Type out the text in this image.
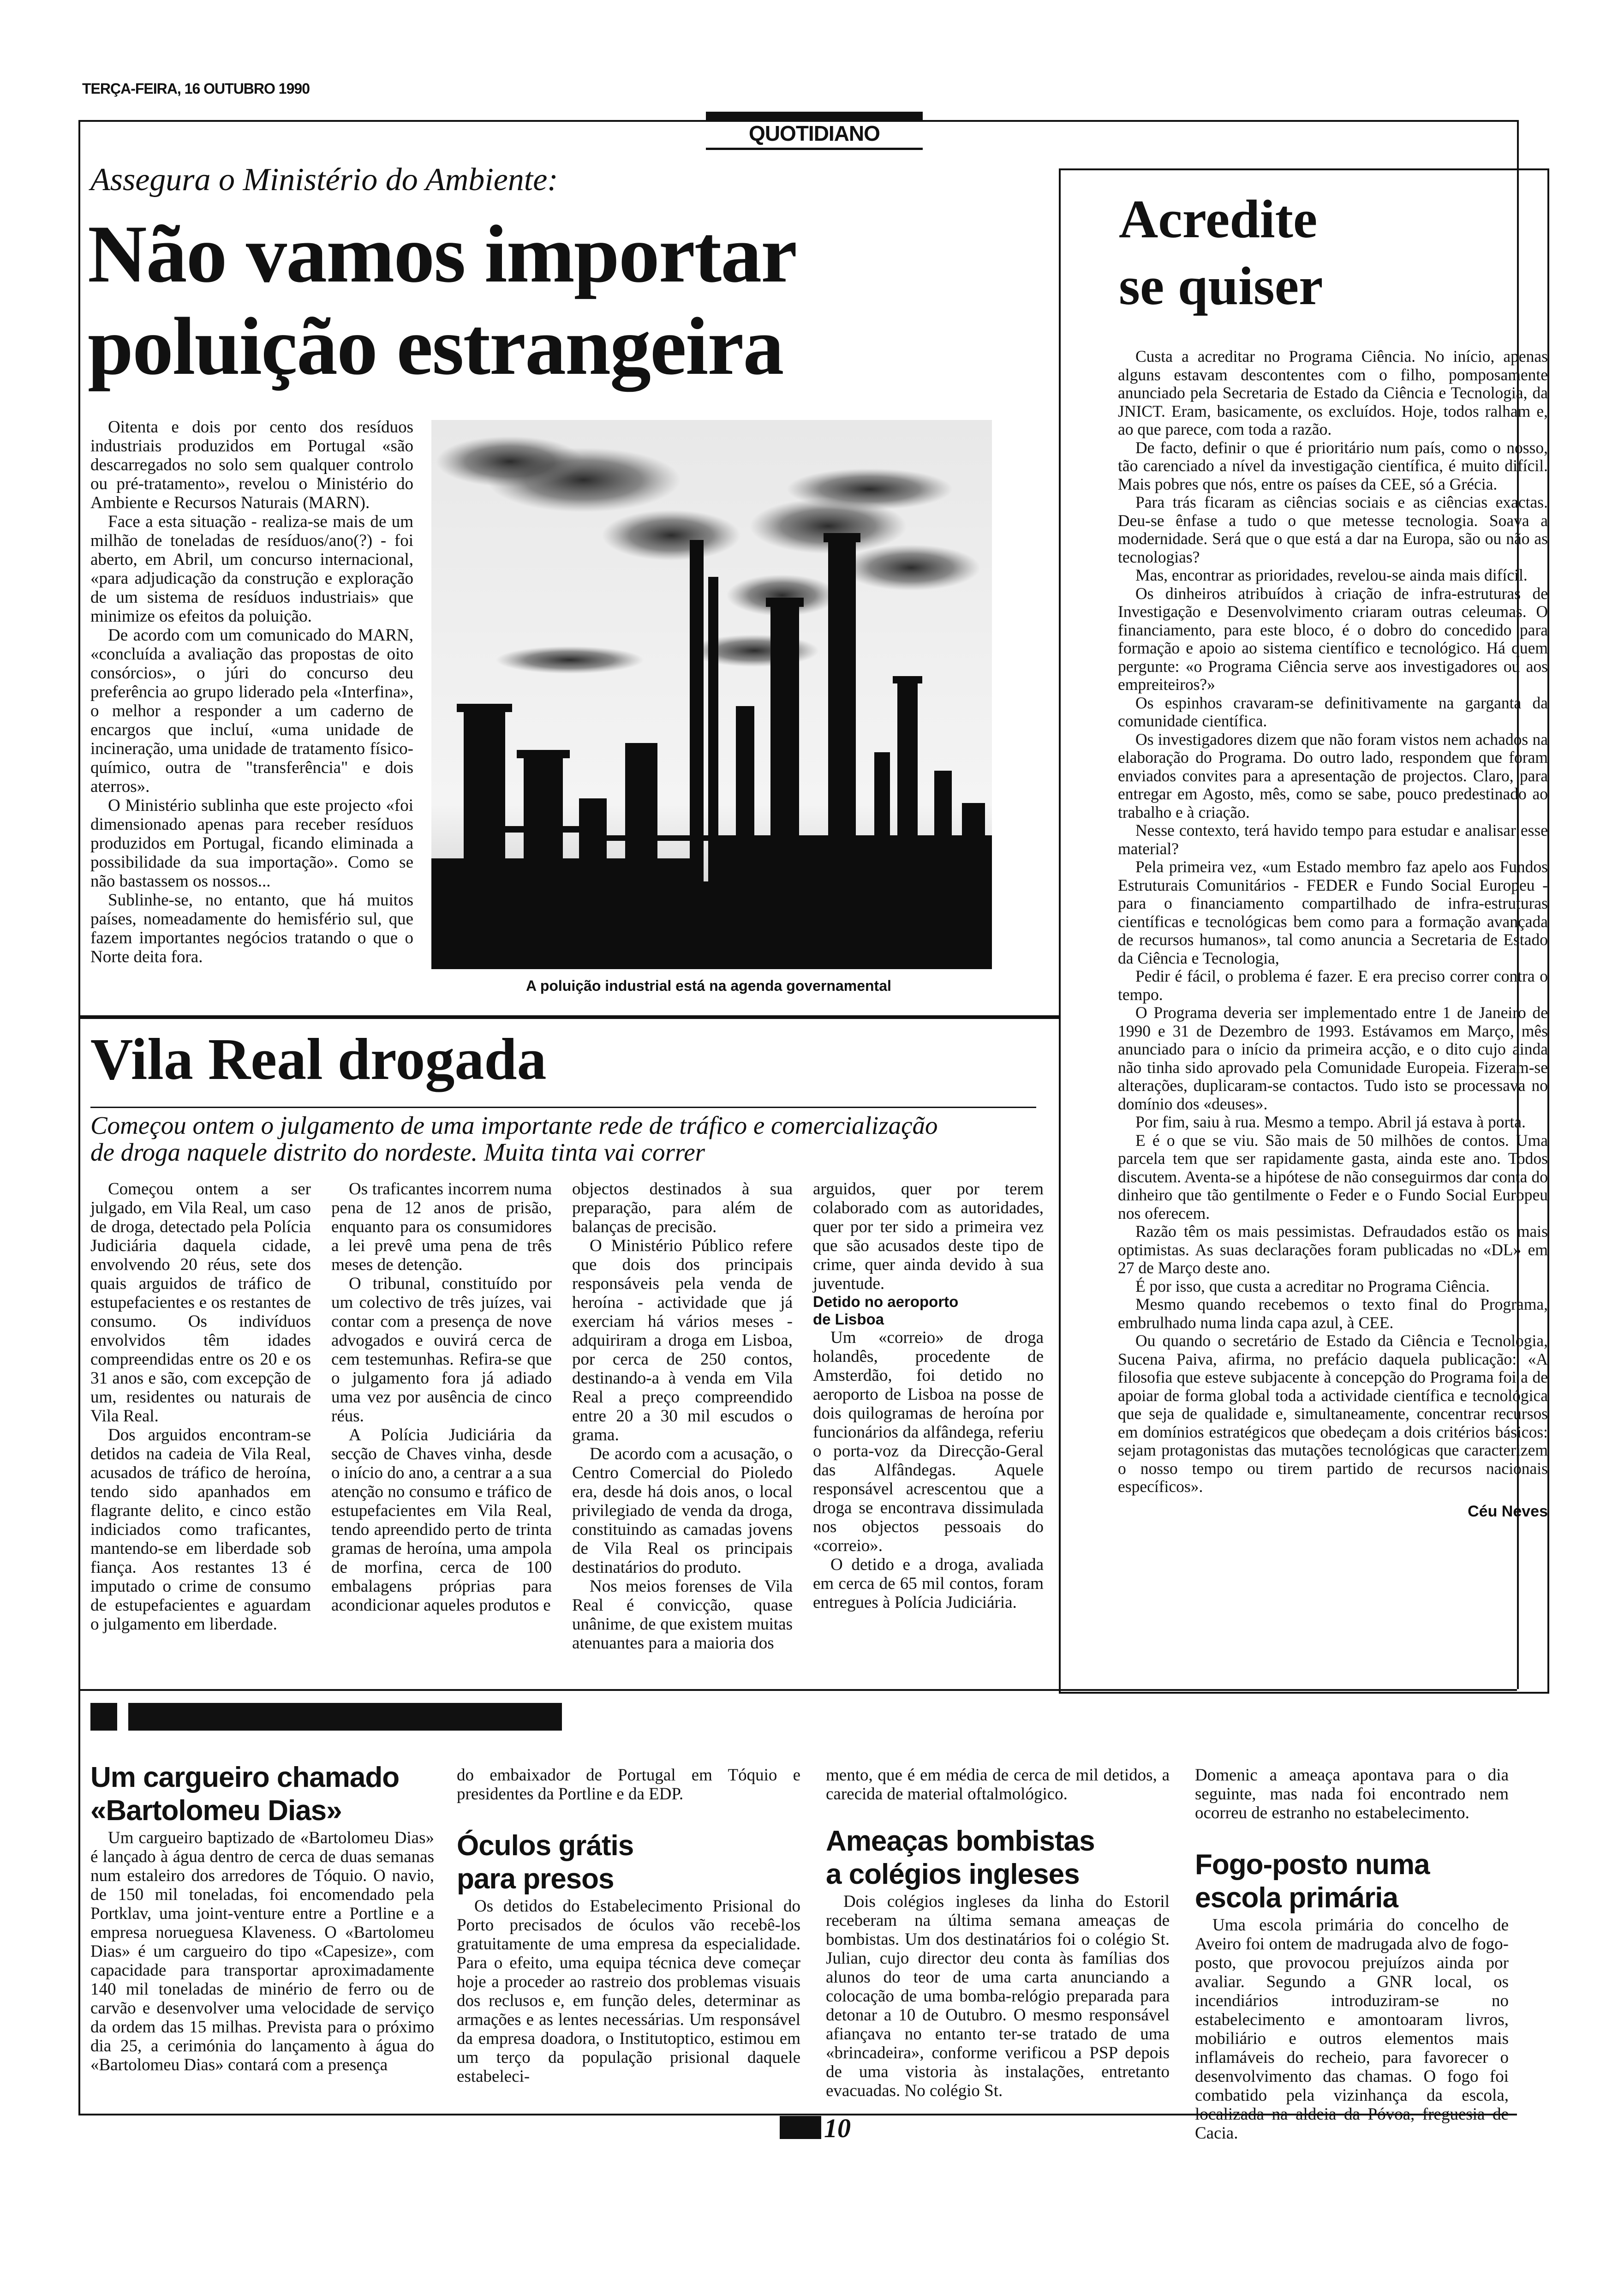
TERÇA-FEIRA, 16 OUTUBRO 1990
QUOTIDIANO
Assegura o Ministério do Ambiente:
Não vamos importar
poluição estrangeira

Oitenta e dois por cento dos resíduos industriais produzidos em Portugal «são descarregados no solo sem qualquer controlo ou pré-tratamento», revelou o Ministério do Ambiente e Recursos Naturais (MARN).

Face a esta situação - realiza-se mais de um milhão de toneladas de resíduos/ano(?) - foi aberto, em Abril, um concurso internacional, «para adjudicação da construção e exploração de um sistema de resíduos industriais» que minimize os efeitos da poluição.

De acordo com um comunicado do MARN, «concluída a avaliação das propostas de oito consórcios», o júri do concurso deu preferência ao grupo liderado pela «Interfina», o melhor a responder a um caderno de encargos que incluí, «uma unidade de incineração, uma unidade de tratamento físico-químico, outra de "transferência" e dois aterros».

O Ministério sublinha que este projecto «foi dimensionado apenas para receber resíduos produzidos em Portugal, ficando eliminada a possibilidade da sua importação». Como se não bastassem os nossos...

Sublinhe-se, no entanto, que há muitos países, nomeadamente do hemisfério sul, que fazem importantes negócios tratando o que o Norte deita fora.

A poluição industrial está na agenda governamental
Acredite
se quiser

Custa a acreditar no Programa Ciência. No início, apenas alguns estavam descontentes com o filho, pomposamente anunciado pela Secretaria de Estado da Ciência e Tecnologia, da JNICT. Eram, basicamente, os excluídos. Hoje, todos ralham e, ao que parece, com toda a razão.

De facto, definir o que é prioritário num país, como o nosso, tão carenciado a nível da investigação científica, é muito difícil. Mais pobres que nós, entre os países da CEE, só a Grécia.

Para trás ficaram as ciências sociais e as ciências exactas. Deu-se ênfase a tudo o que metesse tecnologia. Soava a modernidade. Será que o que está a dar na Europa, são ou não as tecnologias?

Mas, encontrar as prioridades, revelou-se ainda mais difícil.

Os dinheiros atribuídos à criação de infra-estruturas de Investigação e Desenvolvimento criaram outras celeumas. O financiamento, para este bloco, é o dobro do concedido para formação e apoio ao sistema científico e tecnológico. Há quem pergunte: «o Programa Ciência serve aos investigadores ou aos empreiteiros?»

Os espinhos cravaram-se definitivamente na garganta da comunidade científica.

Os investigadores dizem que não foram vistos nem achados na elaboração do Programa. Do outro lado, respondem que foram enviados convites para a apresentação de projectos. Claro, para entregar em Agosto, mês, como se sabe, pouco predestinado ao trabalho e à criação.

Nesse contexto, terá havido tempo para estudar e analisar esse material?

Pela primeira vez, «um Estado membro faz apelo aos Fundos Estruturais Comunitários - FEDER e Fundo Social Europeu - para o financiamento compartilhado de infra-estruturas científicas e tecnológicas bem como para a formação avançada de recursos humanos», tal como anuncia a Secretaria de Estado da Ciência e Tecnologia,

Pedir é fácil, o problema é fazer. E era preciso correr contra o tempo.

O Programa deveria ser implementado entre 1 de Janeiro de 1990 e 31 de Dezembro de 1993. Estávamos em Março, mês anunciado para o início da primeira acção, e o dito cujo ainda não tinha sido aprovado pela Comunidade Europeia. Fizeram-se alterações, duplicaram-se contactos. Tudo isto se processava no domínio dos «deuses».

Por fim, saiu à rua. Mesmo a tempo. Abril já estava à porta.

E é o que se viu. São mais de 50 milhões de contos. Uma parcela tem que ser rapidamente gasta, ainda este ano. Todos discutem. Aventa-se a hipótese de não conseguirmos dar conta do dinheiro que tão gentilmente o Feder e o Fundo Social Europeu nos oferecem.

Razão têm os mais pessimistas. Defraudados estão os mais optimistas. As suas declarações foram publicadas no «DL» em 27 de Março deste ano.

É por isso, que custa a acreditar no Programa Ciência.

Mesmo quando recebemos o texto final do Programa, embrulhado numa linda capa azul, à CEE.

Ou quando o secretário de Estado da Ciência e Tecnologia, Sucena Paiva, afirma, no prefácio daquela publicação: «A filosofia que esteve subjacente à concepção do Programa foi a de apoiar de forma global toda a actividade científica e tecnológica que seja de qualidade e, simultaneamente, concentrar recursos em domínios estratégicos que obedeçam a dois critérios básicos: sejam protagonistas das mutações tecnológicas que caracterizem o nosso tempo ou tirem partido de recursos nacionais específicos».

Céu Neves
Vila Real drogada
Começou ontem o julgamento de uma importante rede de tráfico e comercialização
de droga naquele distrito do nordeste. Muita tinta vai correr

Começou ontem a ser julgado, em Vila Real, um caso de droga, detectado pela Polícia Judiciária daquela cidade, envolvendo 20 réus, sete dos quais arguidos de tráfico de estupefacientes e os restantes de consumo. Os indivíduos envolvidos têm idades compreendidas entre os 20 e os 31 anos e são, com excepção de um, residentes ou naturais de Vila Real.

Dos arguidos encontram-se detidos na cadeia de Vila Real, acusados de tráfico de heroína, tendo sido apanhados em flagrante delito, e cinco estão indiciados como traficantes, mantendo-se em liberdade sob fiança. Aos restantes 13 é imputado o crime de consumo de estupefacientes e aguardam o julgamento em liberdade.

Os traficantes incorrem numa pena de 12 anos de prisão, enquanto para os consumidores a lei prevê uma pena de três meses de detenção.

O tribunal, constituído por um colectivo de três juízes, vai contar com a presença de nove advogados e ouvirá cerca de cem testemunhas. Refira-se que o julgamento fora já adiado uma vez por ausência de cinco réus.

A Polícia Judiciária da secção de Chaves vinha, desde o início do ano, a centrar a a sua atenção no consumo e tráfico de estupefacientes em Vila Real, tendo apreendido perto de trinta gramas de heroína, uma ampola de morfina, cerca de 100 embalagens próprias para acondicionar aqueles produtos e

objectos destinados à sua preparação, para além de balanças de precisão.

O Ministério Público refere que dois dos principais responsáveis pela venda de heroína - actividade que já exerciam há vários meses - adquiriram a droga em Lisboa, por cerca de 250 contos, destinando-a à venda em Vila Real a preço compreendido entre 20 a 30 mil escudos o grama.

De acordo com a acusação, o Centro Comercial do Pioledo era, desde há dois anos, o local privilegiado de venda da droga, constituindo as camadas jovens de Vila Real os principais destinatários do produto.

Nos meios forenses de Vila Real é convicção, quase unânime, de que existem muitas atenuantes para a maioria dos

arguidos, quer por terem colaborado com as autoridades, quer por ter sido a primeira vez que são acusados deste tipo de crime, quer ainda devido à sua juventude.

Detido no aeroporto

de Lisboa

Um «correio» de droga holandês, procedente de Amsterdão, foi detido no aeroporto de Lisboa na posse de dois quilogramas de heroína por funcionários da alfândega, referiu o porta-voz da Direcção-Geral das Alfândegas. Aquele responsável acrescentou que a droga se encontrava dissimulada nos objectos pessoais do «correio».

O detido e a droga, avaliada em cerca de 65 mil contos, foram entregues à Polícia Judiciária.

Um cargueiro chamado
«Bartolomeu Dias»

Um cargueiro baptizado de «Bartolomeu Dias» é lançado à água dentro de cerca de duas semanas num estaleiro dos arredores de Tóquio. O navio, de 150 mil toneladas, foi encomendado pela Portklav, uma joint-venture entre a Portline e a empresa norueguesa Klaveness. O «Bartolomeu Dias» é um cargueiro do tipo «Capesize», com capacidade para transportar aproximadamente 140 mil toneladas de minério de ferro ou de carvão e desenvolver uma velocidade de serviço da ordem das 15 milhas. Prevista para o próximo dia 25, a cerimónia do lançamento à água do «Bartolomeu Dias» contará com a presença

do embaixador de Portugal em Tóquio e presidentes da Portline e da EDP.

Óculos grátis
para presos

Os detidos do Estabelecimento Prisional do Porto precisados de óculos vão recebê-los gratuitamente de uma empresa da especialidade. Para o efeito, uma equipa técnica deve começar hoje a proceder ao rastreio dos problemas visuais dos reclusos e, em função deles, determinar as armações e as lentes necessárias. Um responsável da empresa doadora, o Institutoptico, estimou em um terço da população prisional daquele estabeleci-

mento, que é em média de cerca de mil detidos, a carecida de material oftalmológico.

Ameaças bombistas
a colégios ingleses

Dois colégios ingleses da linha do Estoril receberam na última semana ameaças de bombistas. Um dos destinatários foi o colégio St. Julian, cujo director deu conta às famílias dos alunos do teor de uma carta anunciando a colocação de uma bomba-relógio preparada para detonar a 10 de Outubro. O mesmo responsável afiançava no entanto ter-se tratado de uma «brincadeira», conforme verificou a PSP depois de uma vistoria às instalações, entretanto evacuadas. No colégio St.

Domenic a ameaça apontava para o dia seguinte, mas nada foi encontrado nem ocorreu de estranho no estabelecimento.

Fogo-posto numa
escola primária

Uma escola primária do concelho de Aveiro foi ontem de madrugada alvo de fogo-posto, que provocou prejuízos ainda por avaliar. Segundo a GNR local, os incendiários introduziram-se no estabelecimento e amontoaram livros, mobiliário e outros elementos mais inflamáveis do recheio, para favorecer o desenvolvimento das chamas. O fogo foi combatido pela vizinhança da escola, localizada na aldeia da Póvoa, freguesia de Cacia.

10
